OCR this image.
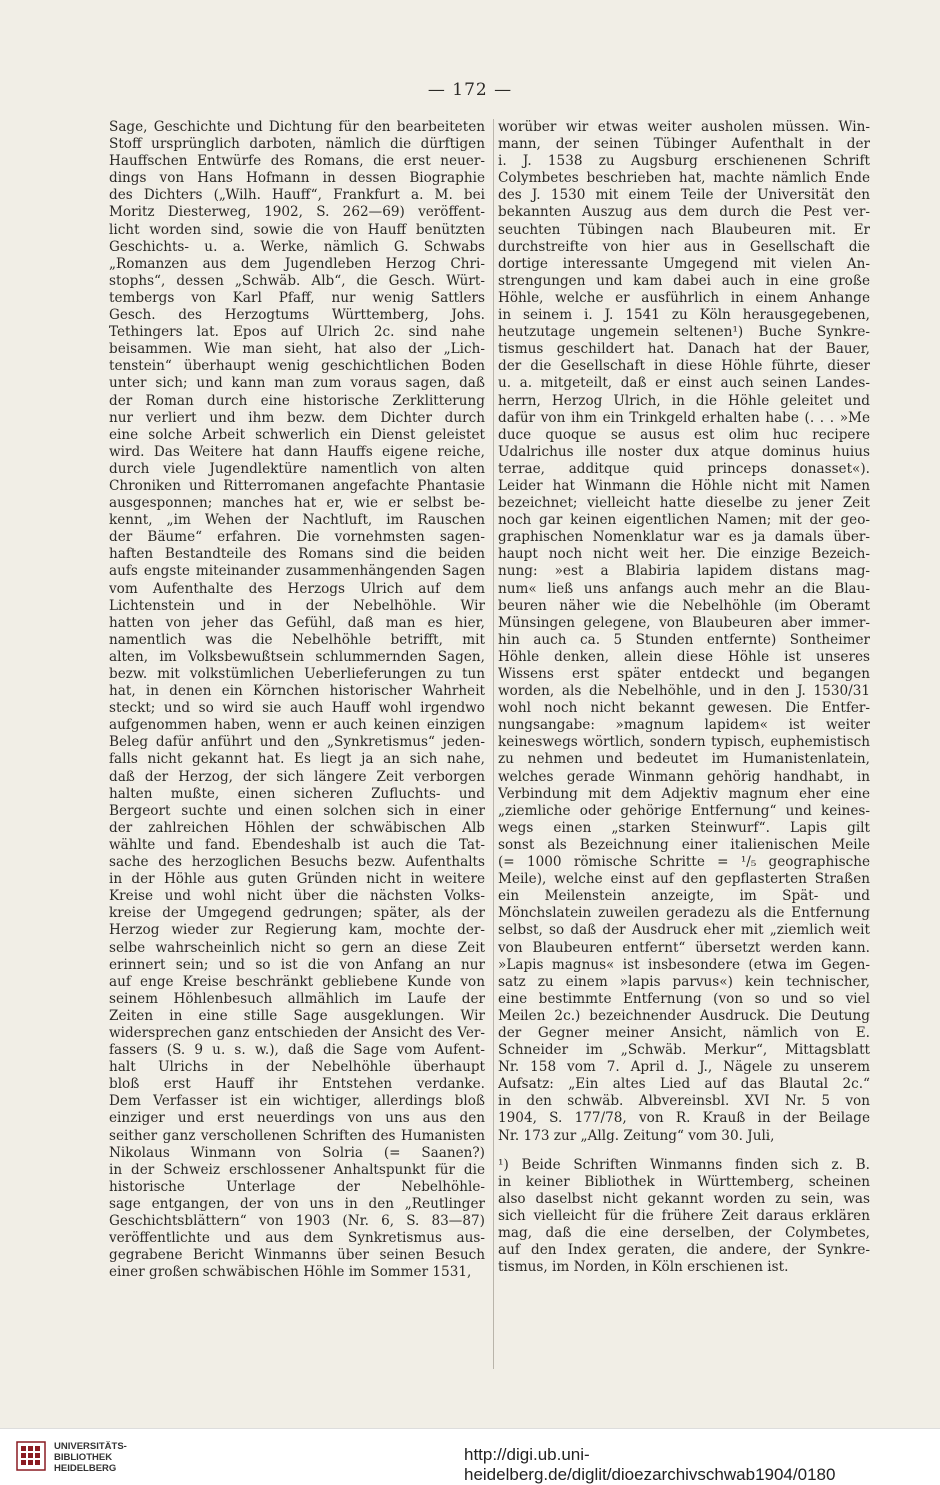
— 172 —
Sage, Geschichte und Dichtung für den bearbeiteten
Stoff ursprünglich darboten, nämlich die dürftigen
Hauffschen Entwürfe des Romans, die erst neuer-
dings von Hans Hofmann in dessen Biographie
des Dichters („Wilh. Hauff“, Frankfurt a. M. bei
Moritz Diesterweg, 1902, S. 262—69) veröffent-
licht worden sind, sowie die von Hauff benützten
Geschichts- u. a. Werke, nämlich G. Schwabs
„Romanzen aus dem Jugendleben Herzog Chri-
stophs“, dessen „Schwäb. Alb“, die Gesch. Würt-
tembergs von Karl Pfaff, nur wenig Sattlers
Gesch. des Herzogtums Württemberg, Johs.
Tethingers lat. Epos auf Ulrich 2c. sind nahe
beisammen. Wie man sieht, hat also der „Lich-
tenstein“ überhaupt wenig geschichtlichen Boden
unter sich; und kann man zum voraus sagen, daß
der Roman durch eine historische Zerklitterung
nur verliert und ihm bezw. dem Dichter durch
eine solche Arbeit schwerlich ein Dienst geleistet
wird. Das Weitere hat dann Hauffs eigene reiche,
durch viele Jugendlektüre namentlich von alten
Chroniken und Ritterromanen angefachte Phantasie
ausgesponnen; manches hat er, wie er selbst be-
kennt, „im Wehen der Nachtluft, im Rauschen
der Bäume“ erfahren. Die vornehmsten sagen-
haften Bestandteile des Romans sind die beiden
aufs engste miteinander zusammenhängenden Sagen
vom Aufenthalte des Herzogs Ulrich auf dem
Lichtenstein und in der Nebelhöhle. Wir
hatten von jeher das Gefühl, daß man es hier,
namentlich was die Nebelhöhle betrifft, mit
alten, im Volksbewußtsein schlummernden Sagen,
bezw. mit volkstümlichen Ueberlieferungen zu tun
hat, in denen ein Körnchen historischer Wahrheit
steckt; und so wird sie auch Hauff wohl irgendwo
aufgenommen haben, wenn er auch keinen einzigen
Beleg dafür anführt und den „Synkretismus“ jeden-
falls nicht gekannt hat. Es liegt ja an sich nahe,
daß der Herzog, der sich längere Zeit verborgen
halten mußte, einen sicheren Zufluchts- und
Bergeort suchte und einen solchen sich in einer
der zahlreichen Höhlen der schwäbischen Alb
wählte und fand. Ebendeshalb ist auch die Tat-
sache des herzoglichen Besuchs bezw. Aufenthalts
in der Höhle aus guten Gründen nicht in weitere
Kreise und wohl nicht über die nächsten Volks-
kreise der Umgegend gedrungen; später, als der
Herzog wieder zur Regierung kam, mochte der-
selbe wahrscheinlich nicht so gern an diese Zeit
erinnert sein; und so ist die von Anfang an nur
auf enge Kreise beschränkt gebliebene Kunde von
seinem Höhlenbesuch allmählich im Laufe der
Zeiten in eine stille Sage ausgeklungen. Wir
widersprechen ganz entschieden der Ansicht des Ver-
fassers (S. 9 u. s. w.), daß die Sage vom Aufent-
halt Ulrichs in der Nebelhöhle überhaupt
bloß erst Hauff ihr Entstehen verdanke.
Dem Verfasser ist ein wichtiger, allerdings bloß
einziger und erst neuerdings von uns aus den
seither ganz verschollenen Schriften des Humanisten
Nikolaus Winmann von Solria (= Saanen?)
in der Schweiz erschlossener Anhaltspunkt für die
historische Unterlage der Nebelhöhle-
sage entgangen, der von uns in den „Reutlinger
Geschichtsblättern“ von 1903 (Nr. 6, S. 83—87)
veröffentlichte und aus dem Synkretismus aus-
gegrabene Bericht Winmanns über seinen Besuch
einer großen schwäbischen Höhle im Sommer 1531,
worüber wir etwas weiter ausholen müssen. Win-
mann, der seinen Tübinger Aufenthalt in der
i. J. 1538 zu Augsburg erschienenen Schrift
Colymbetes beschrieben hat, machte nämlich Ende
des J. 1530 mit einem Teile der Universität den
bekannten Auszug aus dem durch die Pest ver-
seuchten Tübingen nach Blaubeuren mit. Er
durchstreifte von hier aus in Gesellschaft die
dortige interessante Umgegend mit vielen An-
strengungen und kam dabei auch in eine große
Höhle, welche er ausführlich in einem Anhange
in seinem i. J. 1541 zu Köln herausgegebenen,
heutzutage ungemein seltenen¹) Buche Synkre-
tismus geschildert hat. Danach hat der Bauer,
der die Gesellschaft in diese Höhle führte, dieser
u. a. mitgeteilt, daß er einst auch seinen Landes-
herrn, Herzog Ulrich, in die Höhle geleitet und
dafür von ihm ein Trinkgeld erhalten habe (. . . »Me
duce quoque se ausus est olim huc recipere
Udalrichus ille noster dux atque dominus huius
terrae, additque quid princeps donasset«).
Leider hat Winmann die Höhle nicht mit Namen
bezeichnet; vielleicht hatte dieselbe zu jener Zeit
noch gar keinen eigentlichen Namen; mit der geo-
graphischen Nomenklatur war es ja damals über-
haupt noch nicht weit her. Die einzige Bezeich-
nung: »est a Blabiria lapidem distans mag-
num« ließ uns anfangs auch mehr an die Blau-
beuren näher wie die Nebelhöhle (im Oberamt
Münsingen gelegene, von Blaubeuren aber immer-
hin auch ca. 5 Stunden entfernte) Sontheimer
Höhle denken, allein diese Höhle ist unseres
Wissens erst später entdeckt und begangen
worden, als die Nebelhöhle, und in den J. 1530/31
wohl noch nicht bekannt gewesen. Die Entfer-
nungsangabe: »magnum lapidem« ist weiter
keineswegs wörtlich, sondern typisch, euphemistisch
zu nehmen und bedeutet im Humanistenlatein,
welches gerade Winmann gehörig handhabt, in
Verbindung mit dem Adjektiv magnum eher eine
„ziemliche oder gehörige Entfernung“ und keines-
wegs einen „starken Steinwurf“. Lapis gilt
sonst als Bezeichnung einer italienischen Meile
(= 1000 römische Schritte = ¹/₅ geographische
Meile), welche einst auf den gepflasterten Straßen
ein Meilenstein anzeigte, im Spät- und
Mönchslatein zuweilen geradezu als die Entfernung
selbst, so daß der Ausdruck eher mit „ziemlich weit
von Blaubeuren entfernt“ übersetzt werden kann.
»Lapis magnus« ist insbesondere (etwa im Gegen-
satz zu einem »lapis parvus«) kein technischer,
eine bestimmte Entfernung (von so und so viel
Meilen 2c.) bezeichnender Ausdruck. Die Deutung
der Gegner meiner Ansicht, nämlich von E.
Schneider im „Schwäb. Merkur“, Mittagsblatt
Nr. 158 vom 7. April d. J., Nägele zu unserem
Aufsatz: „Ein altes Lied auf das Blautal 2c.“
in den schwäb. Albvereinsbl. XVI Nr. 5 von
1904, S. 177/78, von R. Krauß in der Beilage
Nr. 173 zur „Allg. Zeitung“ vom 30. Juli,
¹) Beide Schriften Winmanns finden sich z. B.
in keiner Bibliothek in Württemberg, scheinen
also daselbst nicht gekannt worden zu sein, was
sich vielleicht für die frühere Zeit daraus erklären
mag, daß die eine derselben, der Colymbetes,
auf den Index geraten, die andere, der Synkre-
tismus, im Norden, in Köln erschienen ist.
UNIVERSITÄTS-
BIBLIOTHEK
HEIDELBERG
http://digi.ub.uni-heidelberg.de/diglit/dioezarchivschwab1904/0180
